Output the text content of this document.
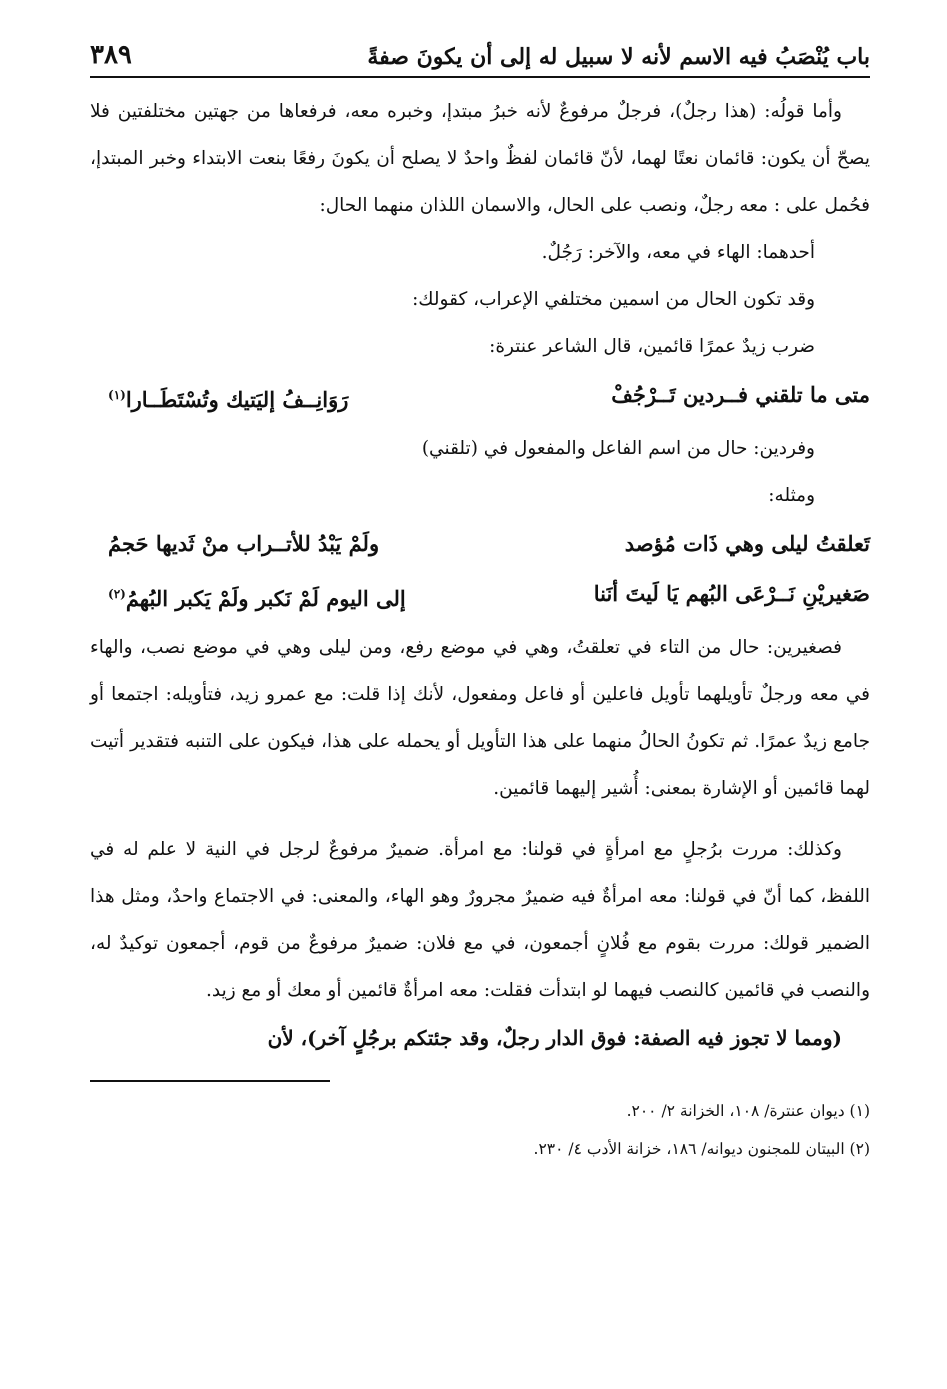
باب يُنْصَبُ فيه الاسم لأنه لا سبيل له إلى أن يكونَ صفةً
٣٨٩

وأما قولُه: (هذا رجلٌ)، فرجلٌ مرفوعٌ لأنه خبرُ مبتدإ، وخبره معه، فرفعاها من جهتين مختلفتين فلا يصحّ أن يكون: قائمان نعتًا لهما، لأنّ قائمان لفظٌ واحدٌ لا يصلح أن يكونَ رفعًا بنعت الابتداء وخبر المبتدإ، فحُمل على : معه رجلٌ، ونصب على الحال، والاسمان اللذان منهما الحال:

أحدهما: الهاء في معه، والآخر: رَجُلٌ.

وقد تكون الحال من اسمين مختلفي الإعراب، كقولك:

ضرب زيدٌ عمرًا قائمين، قال الشاعر عنترة:

متى ما تلقني فــردين تَــرْجُفْ
رَوَانِــفُ إليَتيك وتُسْتَطَــارا$^{(١)}$

وفردين: حال من اسم الفاعل والمفعول في (تلقني)

ومثله:

تَعلقتُ ليلى وهي ذَات مُؤصد
ولَمْ يَبْدُ للأتــراب منْ ثَديها حَجمُ
صَغيريْنِ نَــرْعَى البُهم يَا لَيتَ أنَنا
إلى اليوم لَمْ نَكبر ولَمْ يَكبر البُهمُ$^{(٢)}$

فصغيرين: حال من التاء في تعلقتُ، وهي في موضع رفع، ومن ليلى وهي في موضع نصب، والهاء في معه ورجلٌ تأويلهما تأويل فاعلين أو فاعل ومفعول، لأنك إذا قلت: مع عمرو زيد، فتأويله: اجتمعا أو جامع زيدٌ عمرًا. ثم تكونُ الحالُ منهما على هذا التأويل أو يحمله على هذا، فيكون على التنبه فتقدير أتيت لهما قائمين أو الإشارة بمعنى: أُشير إليهما قائمين.

وكذلك: مررت برُجلٍ مع امرأةٍ في قولنا: مع امرأة. ضميرٌ مرفوعٌ لرجل في النية لا علم له في اللفظ، كما أنّ في قولنا: معه امرأةٌ فيه ضميرٌ مجرورٌ وهو الهاء، والمعنى: في الاجتماع واحدٌ، ومثل هذا الضمير قولك: مررت بقوم مع فُلانٍ أجمعون، في مع فلان: ضميرٌ مرفوعٌ من قوم، أجمعون توكيدٌ له، والنصب في قائمين كالنصب فيهما لو ابتدأت فقلت: معه امرأةٌ قائمين أو معك أو مع زيد.

(ومما لا تجوز فيه الصفة: فوق الدار رجلٌ، وقد جئتكم برجُلٍ آخر)، لأن

(١) ديوان عنترة/ ١٠٨، الخزانة ٢/ ٢٠٠.

(٢) البيتان للمجنون ديوانه/ ١٨٦، خزانة الأدب ٤/ ٢٣٠.
